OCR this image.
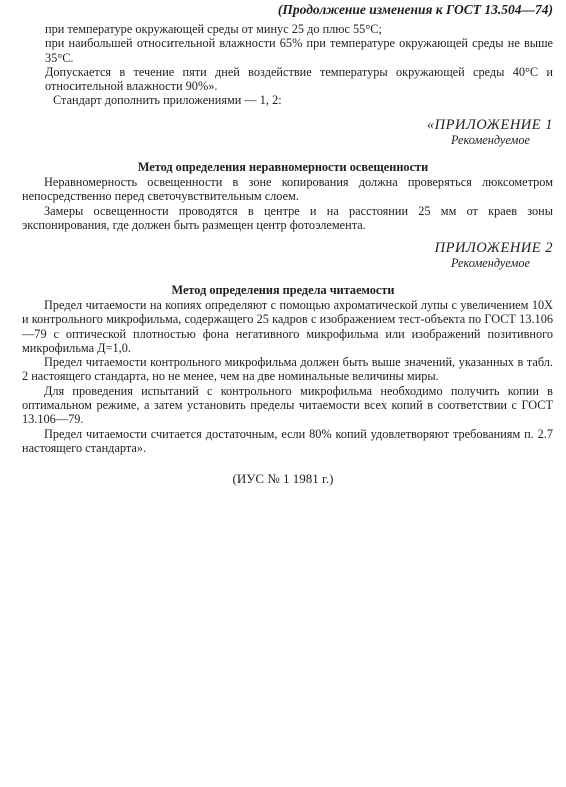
(Продолжение изменения к ГОСТ 13.504—74)

при температуре окружающей среды от минус 25 до плюс 55°С;

при наибольшей относительной влажности 65% при температуре окружающей среды не выше 35°С.

Допускается в течение пяти дней воздействие температуры окружающей среды 40°С и относительной влажности 90%».

Стандарт дополнить приложениями — 1, 2:

«ПРИЛОЖЕНИЕ 1
Рекомендуемое
Метод определения неравномерности освещенности

Неравномерность освещенности в зоне копирования должна проверяться люксометром непосредственно перед светочувствительным слоем.

Замеры освещенности проводятся в центре и на расстоянии 25 мм от краев зоны экспонирования, где должен быть размещен центр фотоэлемента.

ПРИЛОЖЕНИЕ 2
Рекомендуемое
Метод определения предела читаемости

Предел читаемости на копиях определяют с помощью ахроматической лупы с увеличением 10Х и контрольного микрофильма, содержащего 25 кадров с изображением тест-объекта по ГОСТ 13.106—79 с оптической плотностью фона негативного микрофильма или изображений позитивного микрофильма Д=1,0.

Предел читаемости контрольного микрофильма должен быть выше значений, указанных в табл. 2 настоящего стандарта, но не менее, чем на две номинальные величины миры.

Для проведения испытаний с контрольного микрофильма необходимо получить копии в оптимальном режиме, а затем установить пределы читаемости всех копий в соответствии с ГОСТ 13.106—79.

Предел читаемости считается достаточным, если 80% копий удовлетворяют требованиям п. 2.7 настоящего стандарта».

(ИУС № 1 1981 г.)
